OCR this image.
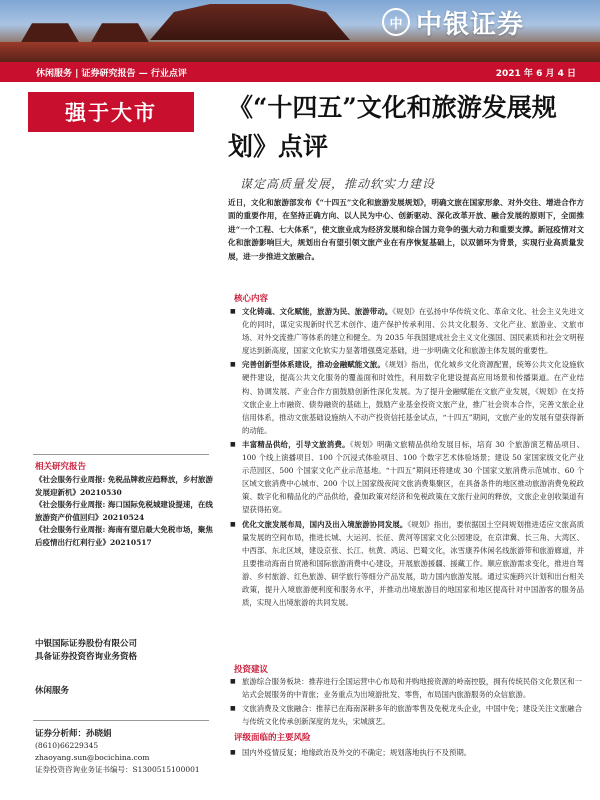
中 中银证券
休闲服务 | 证券研究报告 — 行业点评	2021 年 6 月 4 日
强于大市
相关研究报告
《社会服务行业周报: 免税品牌救应趋释放，乡村旅游发展迎新机》20210530
《社会服务行业周报: 海口国际免税城建设提速，在线旅游资产价值回归》20210524
《社会服务行业周报: 海南有望启最大免税市场，聚焦后疫情出行红利行业》20210517
中银国际证券股份有限公司
具备证券投资咨询业务资格
休闲服务
证券分析师：孙晓娟
(8610)66229345
zhaoyang.sun@bocichina.com
证券投资咨询业务证书编号：S1300515100001
《“十四五”文化和旅游发展规划》点评
谋定高质量发展，推动软实力建设
近日，文化和旅游部发布《“十四五”文化和旅游发展规划》，明确文旅在国家形象、对外交往、增进合作方面的重要作用，在坚持正确方向、以人民为中心、创新驱动、深化改革开放、融合发展的原则下，全面推进“一个工程、七大体系”，使文旅业成为经济发展和综合国力竞争的强大动力和重要支撑。新冠疫情对文化和旅游影响巨大，规划出台有望引领文旅产业在有序恢复基础上，以双循环为背景，实现行业高质量发展，进一步推进文旅融合。
核心内容
■ 文化铸魂、文化赋能，旅游为民、旅游带动。《规划》在弘扬中华传统文化、革命文化、社会主义先进文化的同时，谋定实现新时代艺术创作、遗产保护传承利用、公共文化服务、文化产业、旅游业、文旅市场、对外交流推广等体系的建立和健全。为 2035 年我国建成社会主义文化强国、国民素质和社会文明程度达到新高度，国家文化软实力显著增强奠定基础，进一步明确文化和旅游主体发展的重要性。
■ 完善创新型体系建设，推动金融赋能文旅。《规划》指出，优化城乡文化资源配置，统筹公共文化设施软硬件建设，提高公共文化服务的覆盖面和时效性，利用数字化建设提高应用场景和传播渠道。在产业结构、协调发展、产业合作方面鼓励创新性深化发展。为了提升金融赋能在文旅产业发展，《规划》在支持文旅企业上市融资、债券融资的基础上，鼓励产业基金投资文旅产业，推广社会资本合作，完善文旅企业信用体系，推动文旅基础设施纳入不动产投资信托基金试点，“十四五”期间，文旅产业的发展有望获得新的动能。
■ 丰富精品供给，引导文旅消费。《规划》明确文旅精品供给发展目标，培育 30 个旅游演艺精品项目、100 个线上演播项目、100 个沉浸式体验项目、100 个数字艺术体验场景；建设 50 家国家级文化产业示范园区、500 个国家文化产业示范基地。“十四五”期间还将建成 30 个国家文旅消费示范城市、60 个区域文旅消费中心城市、200 个以上国家级夜间文旅消费集聚区，在具备条件的地区推动旅游消费免税政策、数字化和精品化的产品供给，叠加政策对经济和免税政策在文旅行业间的释放，文旅企业创收渠道有望获得拓宽。
■ 优化文旅发展布局，国内及出入境旅游协同发展。《规划》指出，要依据国土空间规划推进适应文旅高质量发展的空间布局，推进长城、大运河、长征、黄河等国家文化公园建设，在京津冀、长三角、大湾区、中西部、东北区域，建设京张、长江、杭黄、鸿运、巴蜀文化，冰雪康养休闲名线旅游带和旅游廊道，并且要推动海南自贸港和国际旅游消费中心建设，开展旅游援疆、援藏工作。顺应旅游需求变化，推进自驾游、乡村旅游、红色旅游、研学旅行等细分产品发展，助力国内旅游发展。通过实施跨兴计划和出台相关政策，提升入境旅游便利度和服务水平，并推动出境旅游目的地国家和地区提高针对中国游客的服务品质，实现入出境旅游的共同发展。
投资建议
■ 旅游综合服务板块：推荐进行全国运营中心布局和并购地接资源的岭南控股，拥有传统民俗文化景区和一站式会展服务的中青旅；业务重点为出境游批发、零售，布局国内旅游服务的众信旅游。
■ 文旅消费及文旅融合：推荐已在海南深耕多年的旅游零售及免税龙头企业，中国中免；建设关注文旅融合与传统文化传承创新深度的龙头，宋城演艺。
评级面临的主要风险
■ 国内外疫情反复；地缘政治及外交的不确定；规划落地执行不及预期。
